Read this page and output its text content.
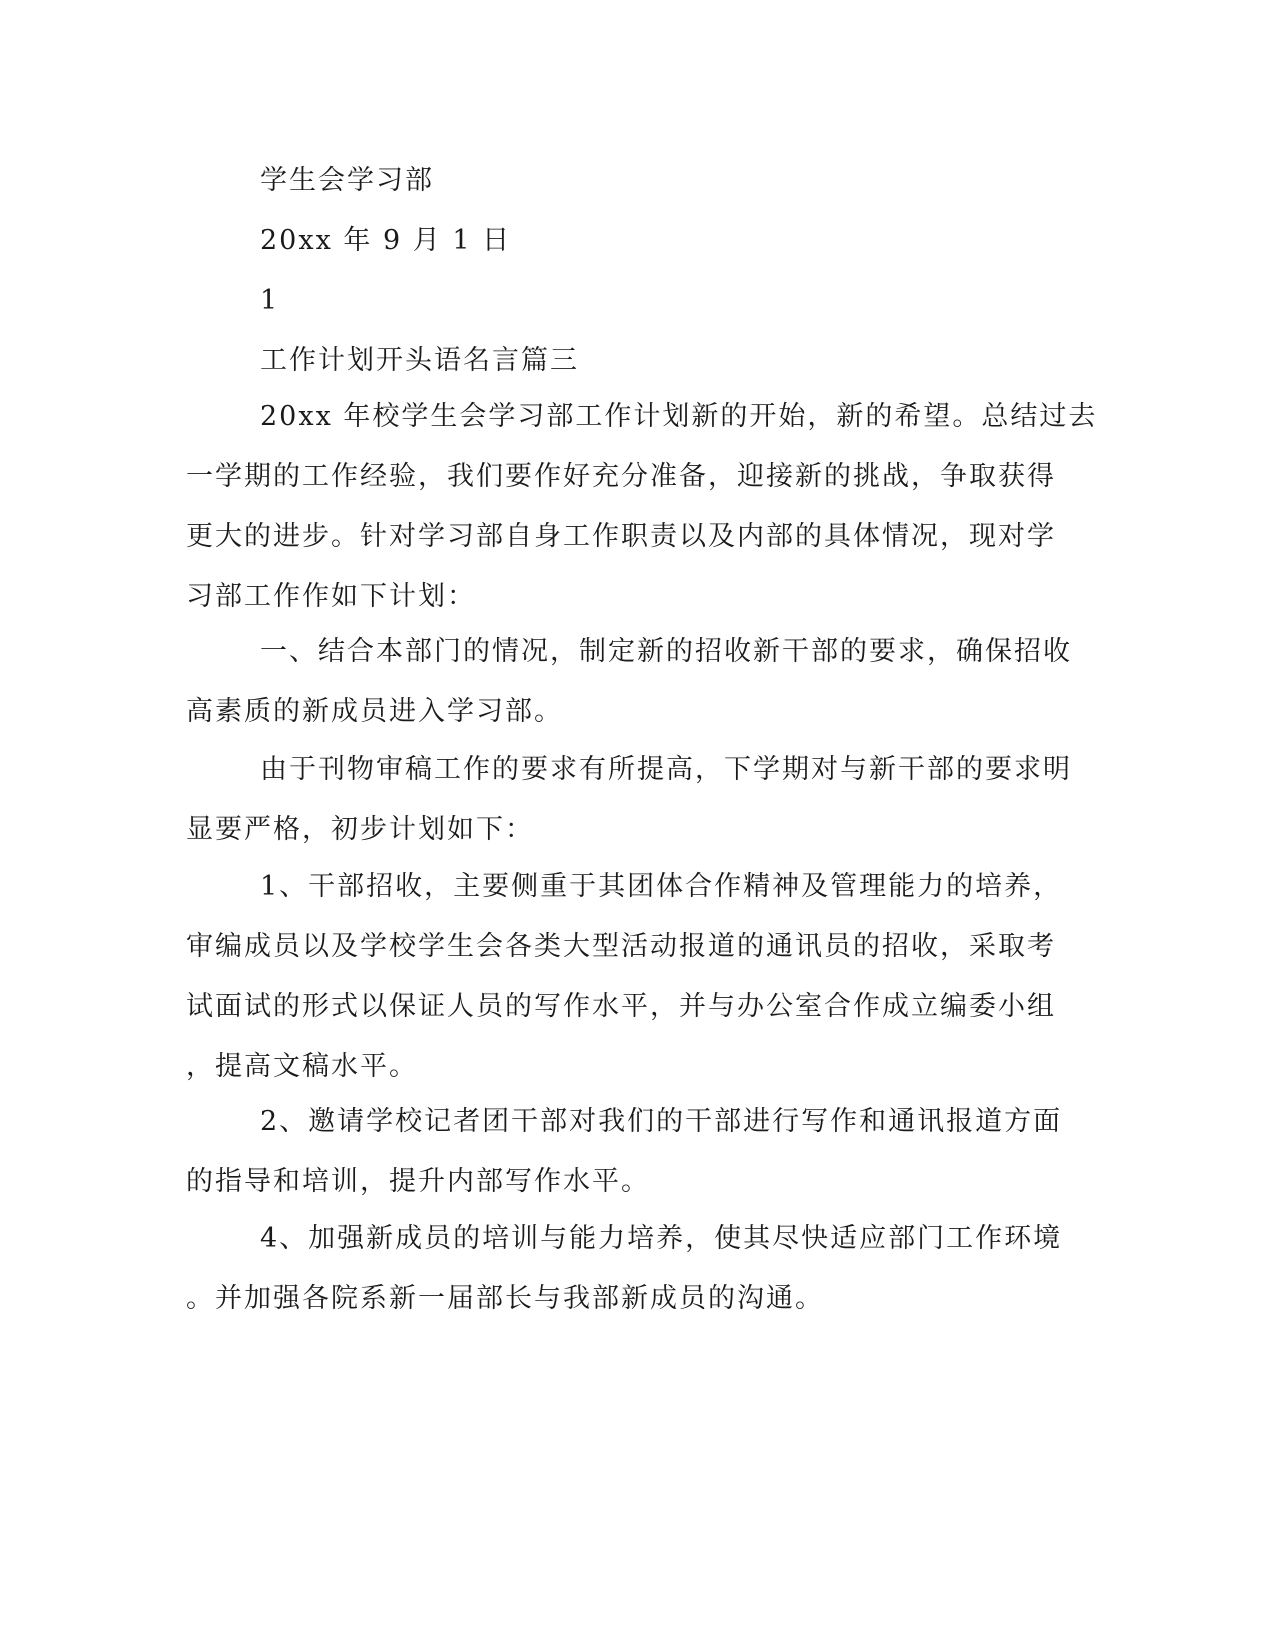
学生会学习部
20xx 年 9 月 1 日
1
工作计划开头语名言篇三
20xx 年校学生会学习部工作计划新的开始，新的希望。总结过去
一学期的工作经验，我们要作好充分准备，迎接新的挑战，争取获得
更大的进步。针对学习部自身工作职责以及内部的具体情况，现对学
习部工作作如下计划：
一、结合本部门的情况，制定新的招收新干部的要求，确保招收
高素质的新成员进入学习部。
由于刊物审稿工作的要求有所提高，下学期对与新干部的要求明
显要严格，初步计划如下：
1、干部招收，主要侧重于其团体合作精神及管理能力的培养，
审编成员以及学校学生会各类大型活动报道的通讯员的招收，采取考
试面试的形式以保证人员的写作水平，并与办公室合作成立编委小组
，提高文稿水平。
2、邀请学校记者团干部对我们的干部进行写作和通讯报道方面
的指导和培训，提升内部写作水平。
4、加强新成员的培训与能力培养，使其尽快适应部门工作环境
。并加强各院系新一届部长与我部新成员的沟通。
